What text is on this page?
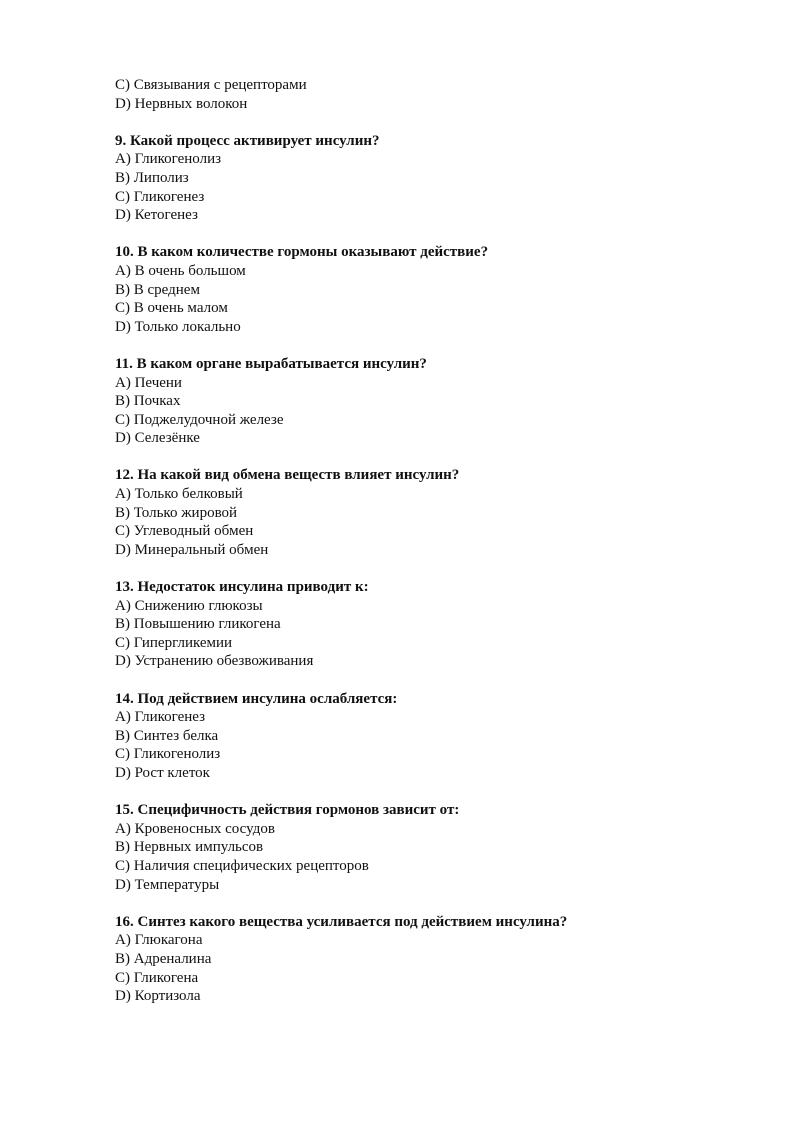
C) Связывания с рецепторами
D) Нервных волокон
9. Какой процесс активирует инсулин?
A) Гликогенолиз
B) Липолиз
C) Гликогенез
D) Кетогенез
10. В каком количестве гормоны оказывают действие?
A) В очень большом
B) В среднем
C) В очень малом
D) Только локально
11. В каком органе вырабатывается инсулин?
A) Печени
B) Почках
C) Поджелудочной железе
D) Селезёнке
12. На какой вид обмена веществ влияет инсулин?
A) Только белковый
B) Только жировой
C) Углеводный обмен
D) Минеральный обмен
13. Недостаток инсулина приводит к:
A) Снижению глюкозы
B) Повышению гликогена
C) Гипергликемии
D) Устранению обезвоживания
14. Под действием инсулина ослабляется:
A) Гликогенез
B) Синтез белка
C) Гликогенолиз
D) Рост клеток
15. Специфичность действия гормонов зависит от:
A) Кровеносных сосудов
B) Нервных импульсов
C) Наличия специфических рецепторов
D) Температуры
16. Синтез какого вещества усиливается под действием инсулина?
A) Глюкагона
B) Адреналина
C) Гликогена
D) Кортизола
